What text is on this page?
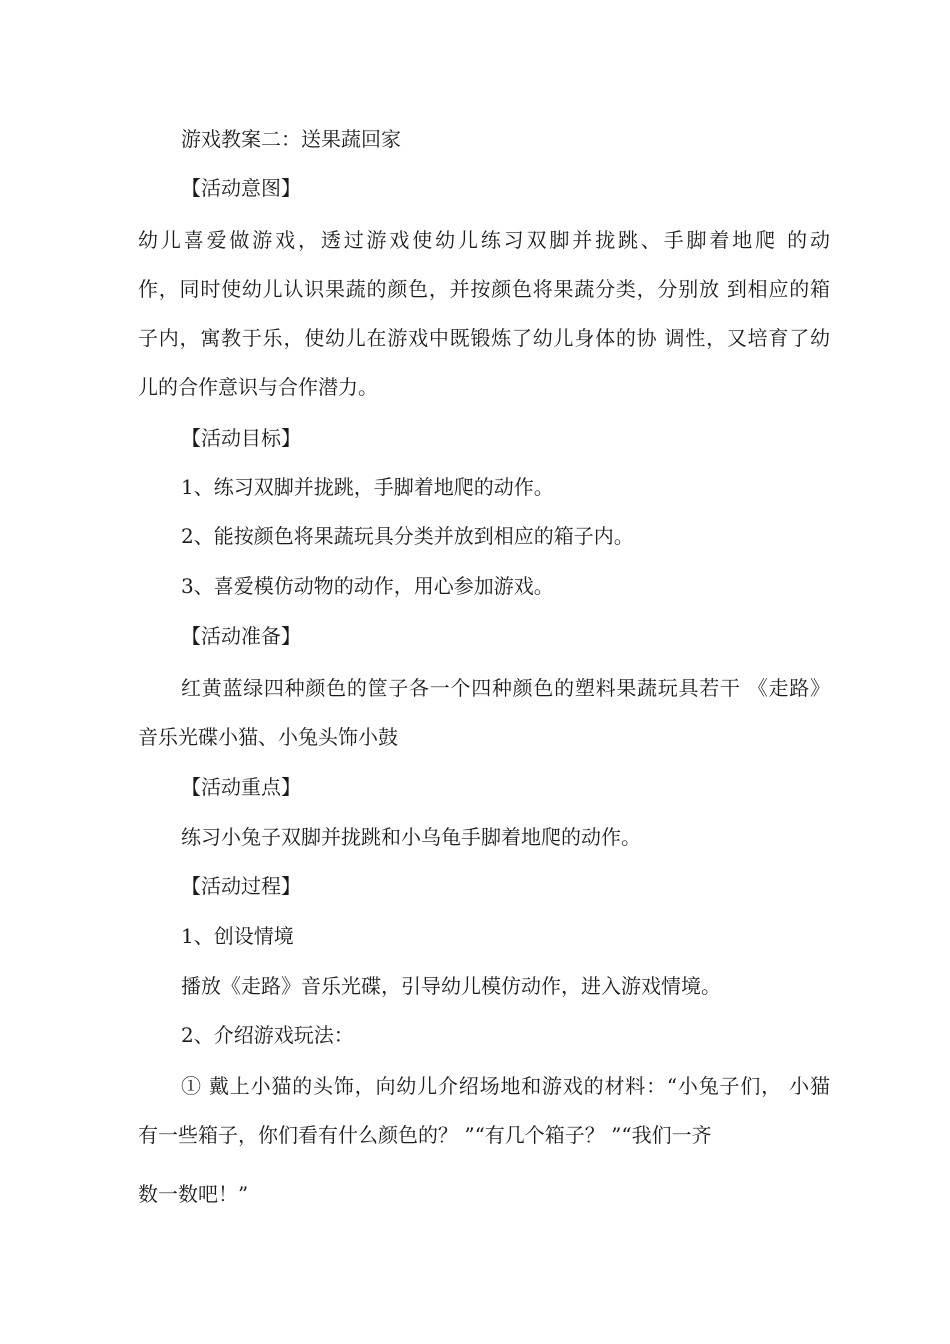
游戏教案二：送果蔬回家
【活动意图】
幼儿喜爱做游戏，透过游戏使幼儿练习双脚并拢跳、手脚着地爬 的动
作，同时使幼儿认识果蔬的颜色，并按颜色将果蔬分类，分别放 到相应的箱
子内，寓教于乐，使幼儿在游戏中既锻炼了幼儿身体的协 调性，又培育了幼
儿的合作意识与合作潜力。
【活动目标】
1、练习双脚并拢跳，手脚着地爬的动作。
2、能按颜色将果蔬玩具分类并放到相应的箱子内。
3、喜爱模仿动物的动作，用心参加游戏。
【活动准备】
红黄蓝绿四种颜色的筐子各一个四种颜色的塑料果蔬玩具若干 《走路》
音乐光碟小猫、小兔头饰小鼓
【活动重点】
练习小兔子双脚并拢跳和小乌龟手脚着地爬的动作。
【活动过程】
1、创设情境
播放《走路》音乐光碟，引导幼儿模仿动作，进入游戏情境。
2、介绍游戏玩法：
① 戴上小猫的头饰，向幼儿介绍场地和游戏的材料：“小兔子们， 小猫
有一些箱子，你们看有什么颜色的？ ”“有几个箱子？ ”“我们一齐
数一数吧！”
